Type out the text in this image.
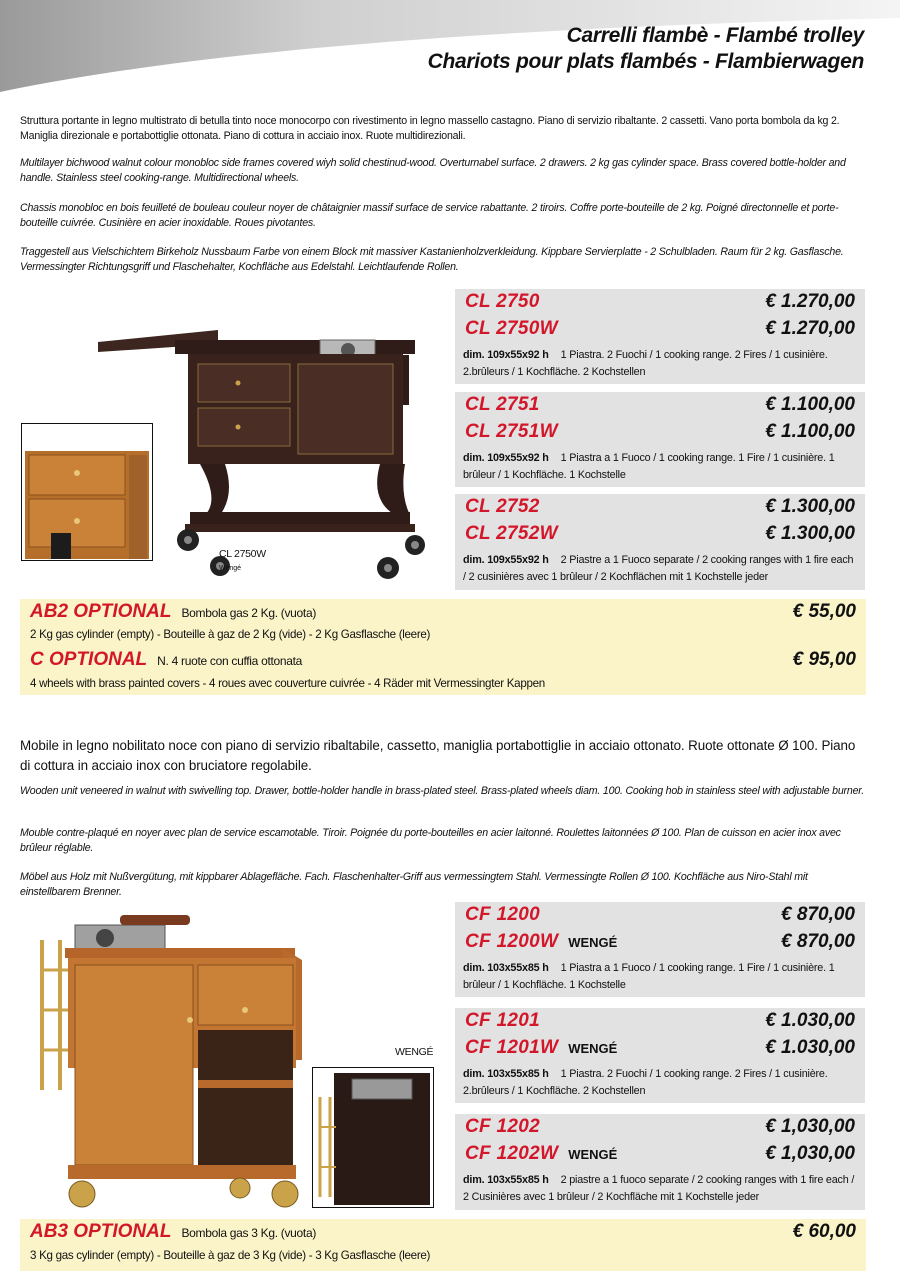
Carrelli flambè - Flambé trolley
Chariots pour plats flambés - Flambierwagen
Struttura portante in legno multistrato di betulla tinto noce monocorpo con rivestimento in legno massello castagno. Piano di servizio ribaltante. 2 cassetti. Vano porta bombola da kg 2. Maniglia direzionale e portabottiglie ottonata. Piano di cottura in acciaio inox. Ruote multidirezionali.
Multilayer bichwood walnut colour monobloc side frames covered wiyh solid chestinud-wood. Overturnabel surface. 2 drawers. 2 kg gas cylinder space. Brass covered bottle-holder and handle. Stainless steel cooking-range. Multidirectional wheels.
Chassis monobloc en bois feuilleté de bouleau couleur noyer de châtaignier massif surface de service rabattante. 2 tiroirs. Coffre porte-bouteille de 2 kg. Poigné directonnelle et porte-bouteille cuivrée. Cusinière en acier inoxidable. Roues pivotantes.
Traggestell aus Vielschichtem Birkeholz Nussbaum Farbe von einem Block mit massiver Kastanienholzverkleidung. Kippbare Servierplatte - 2 Schulbladen. Raum für 2 kg. Gasflasche. Vermessingter Richtungsgriff und Flaschehalter, Kochfläche aus Edelstahl. Leichtlaufende Rollen.
CL 2750W
Wengé
CL 2750	€ 1.270,00
CL 2750W	€ 1.270,00
dim. 109x55x92 h 1 Piastra. 2 Fuochi / 1 cooking range. 2 Fires / 1 cusinière. 2.brûleurs / 1 Kochfläche. 2 Kochstellen
CL 2751	€ 1.100,00
CL 2751W	€ 1.100,00
dim. 109x55x92 h 1 Piastra a 1 Fuoco / 1 cooking range. 1 Fire / 1 cusinière. 1 brûleur / 1 Kochfläche. 1 Kochstelle
CL 2752	€ 1.300,00
CL 2752W	€ 1.300,00
dim. 109x55x92 h 2 Piastre a 1 Fuoco separate / 2 cooking ranges with 1 fire each / 2 cusinières avec 1 brûleur / 2 Kochflächen mit 1 Kochstelle jeder
AB2 OPTIONAL Bombola gas 2 Kg. (vuota)	€ 55,00
2 Kg gas cylinder (empty) - Bouteille à gaz de 2 Kg (vide) - 2 Kg Gasflasche (leere)
C OPTIONAL N. 4 ruote con cuffia ottonata	€ 95,00
4 wheels with brass painted covers - 4 roues avec couverture cuivrée - 4 Räder mit Vermessingter Kappen
Mobile in legno nobilitato noce con piano di servizio ribaltabile, cassetto, maniglia portabottiglie in acciaio ottonato. Ruote ottonate Ø 100. Piano di cottura in acciaio inox con bruciatore regolabile.
Wooden unit veneered in walnut with swivelling top. Drawer, bottle-holder handle in brass-plated steel. Brass-plated wheels diam. 100. Cooking hob in stainless steel with adjustable burner.
Mouble contre-plaqué en noyer avec plan de service escamotable. Tiroir. Poignée du porte-bouteilles en acier laitonné. Roulettes laitonnées Ø 100. Plan de cuisson en acier inox avec brûleur réglable.
Möbel aus Holz mit Nußvergütung, mit kippbarer Ablagefläche. Fach. Flaschenhalter-Griff aus vermessingtem Stahl. Vermessingte Rollen Ø 100. Kochfläche aus Niro-Stahl mit einstellbarem Brenner.
WENGÉ
CF 1200	€ 870,00
CF 1200W WENGÉ	€ 870,00
dim. 103x55x85 h 1 Piastra a 1 Fuoco / 1 cooking range. 1 Fire / 1 cusinière. 1 brûleur / 1 Kochfläche. 1 Kochstelle
CF 1201	€ 1.030,00
CF 1201W WENGÉ	€ 1.030,00
dim. 103x55x85 h 1 Piastra. 2 Fuochi / 1 cooking range. 2 Fires / 1 cusinière. 2.brûleurs / 1 Kochfläche. 2 Kochstellen
CF 1202	€ 1,030,00
CF 1202W WENGÉ	€ 1,030,00
dim. 103x55x85 h 2 piastre a 1 fuoco separate / 2 cooking ranges with 1 fire each / 2 Cusinières avec 1 brûleur / 2 Kochfläche mit 1 Kochstelle jeder
AB3 OPTIONAL Bombola gas 3 Kg. (vuota)	€ 60,00
3 Kg gas cylinder (empty) - Bouteille à gaz de 3 Kg (vide) - 3 Kg Gasflasche (leere)
